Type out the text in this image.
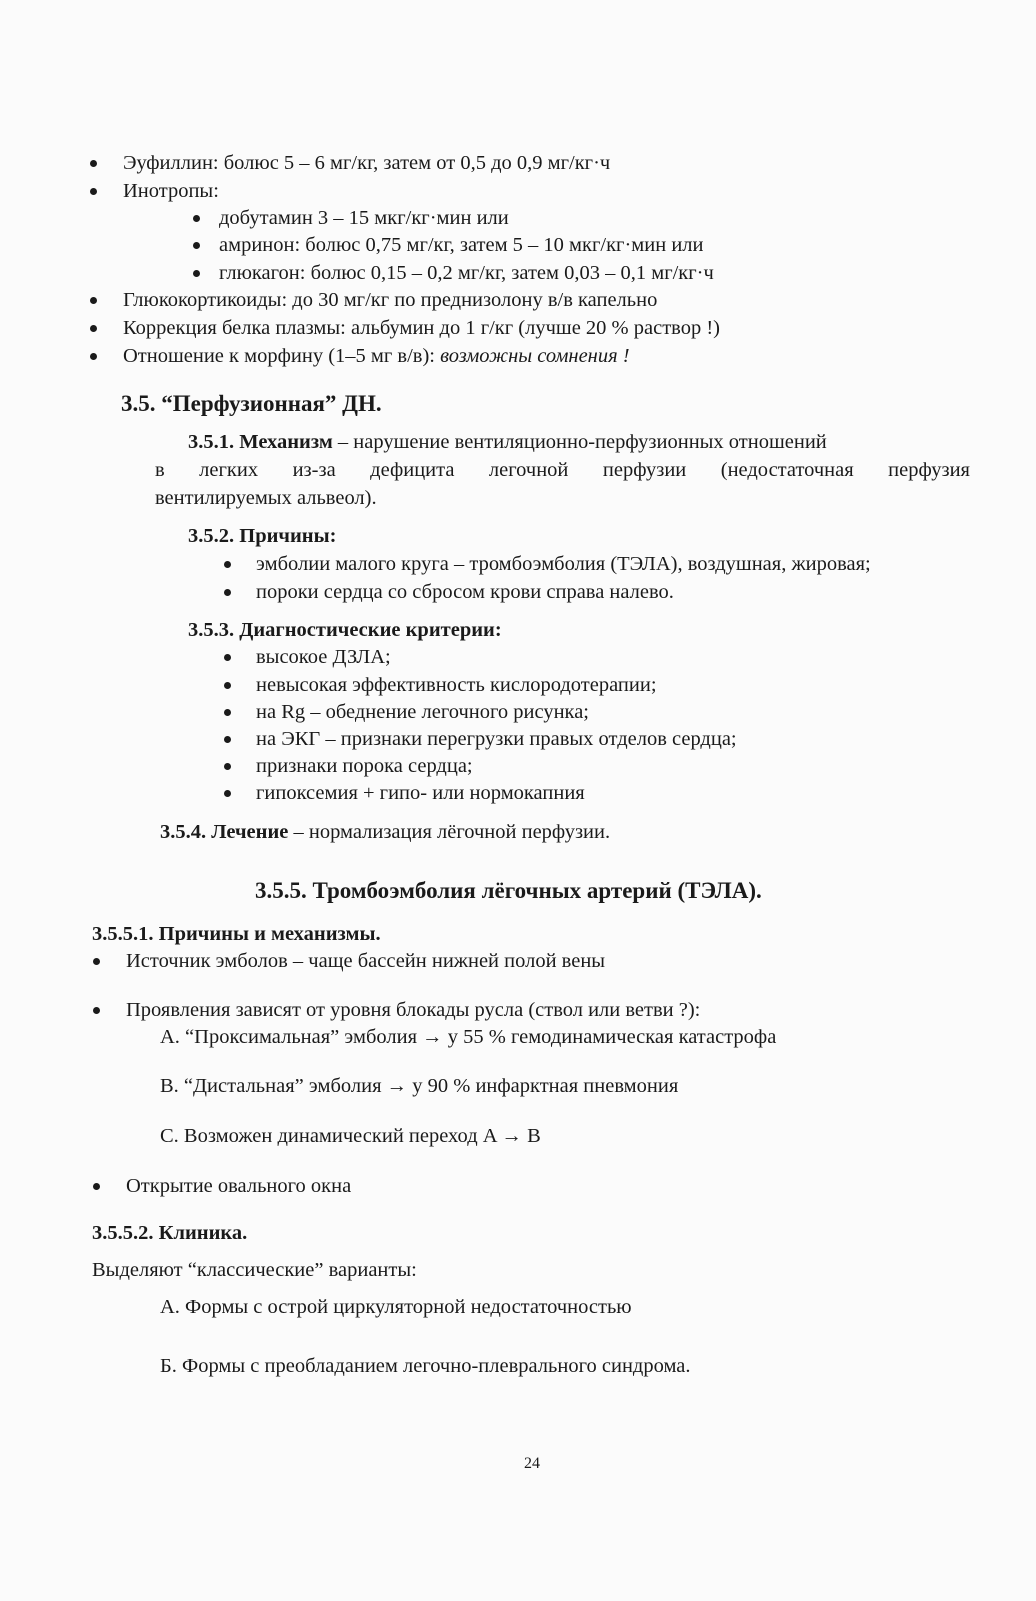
Эуфиллин: болюс 5 – 6 мг/кг, затем от 0,5 до 0,9 мг/кг·ч
Инотропы:
добутамин 3 – 15 мкг/кг·мин или
амринон: болюс 0,75 мг/кг, затем 5 – 10 мкг/кг·мин или
глюкагон: болюс 0,15 – 0,2 мг/кг, затем 0,03 – 0,1 мг/кг·ч
Глюкокортикоиды: до 30 мг/кг по преднизолону в/в капельно
Коррекция белка плазмы: альбумин до 1 г/кг (лучше 20 % раствор !)
Отношение к морфину (1–5 мг в/в): возможны сомнения !
3.5. “Перфузионная” ДН.
3.5.1. Механизм – нарушение вентиляционно-перфузионных отношений
в легких из-за дефицита легочной перфузии (недостаточная перфузия
вентилируемых альвеол).
3.5.2. Причины:
эмболии малого круга – тромбоэмболия (ТЭЛА), воздушная, жировая;
пороки сердца со сбросом крови справа налево.
3.5.3. Диагностические критерии:
высокое ДЗЛА;
невысокая эффективность кислородотерапии;
на Rg – обеднение легочного рисунка;
на ЭКГ – признаки перегрузки правых отделов сердца;
признаки порока сердца;
гипоксемия + гипо- или нормокапния
3.5.4. Лечение – нормализация лёгочной перфузии.
3.5.5. Тромбоэмболия лёгочных артерий (ТЭЛА).
3.5.5.1. Причины и механизмы.
Источник эмболов – чаще бассейн нижней полой вены
Проявления зависят от уровня блокады русла (ствол или ветви ?):
A. “Проксимальная” эмболия → у 55 % гемодинамическая катастрофа
B. “Дистальная” эмболия → у 90 % инфарктная пневмония
C. Возможен динамический переход A → B
Открытие овального окна
3.5.5.2. Клиника.
Выделяют “классические” варианты:
А. Формы с острой циркуляторной недостаточностью
Б. Формы с преобладанием легочно-плеврального синдрома.
24
